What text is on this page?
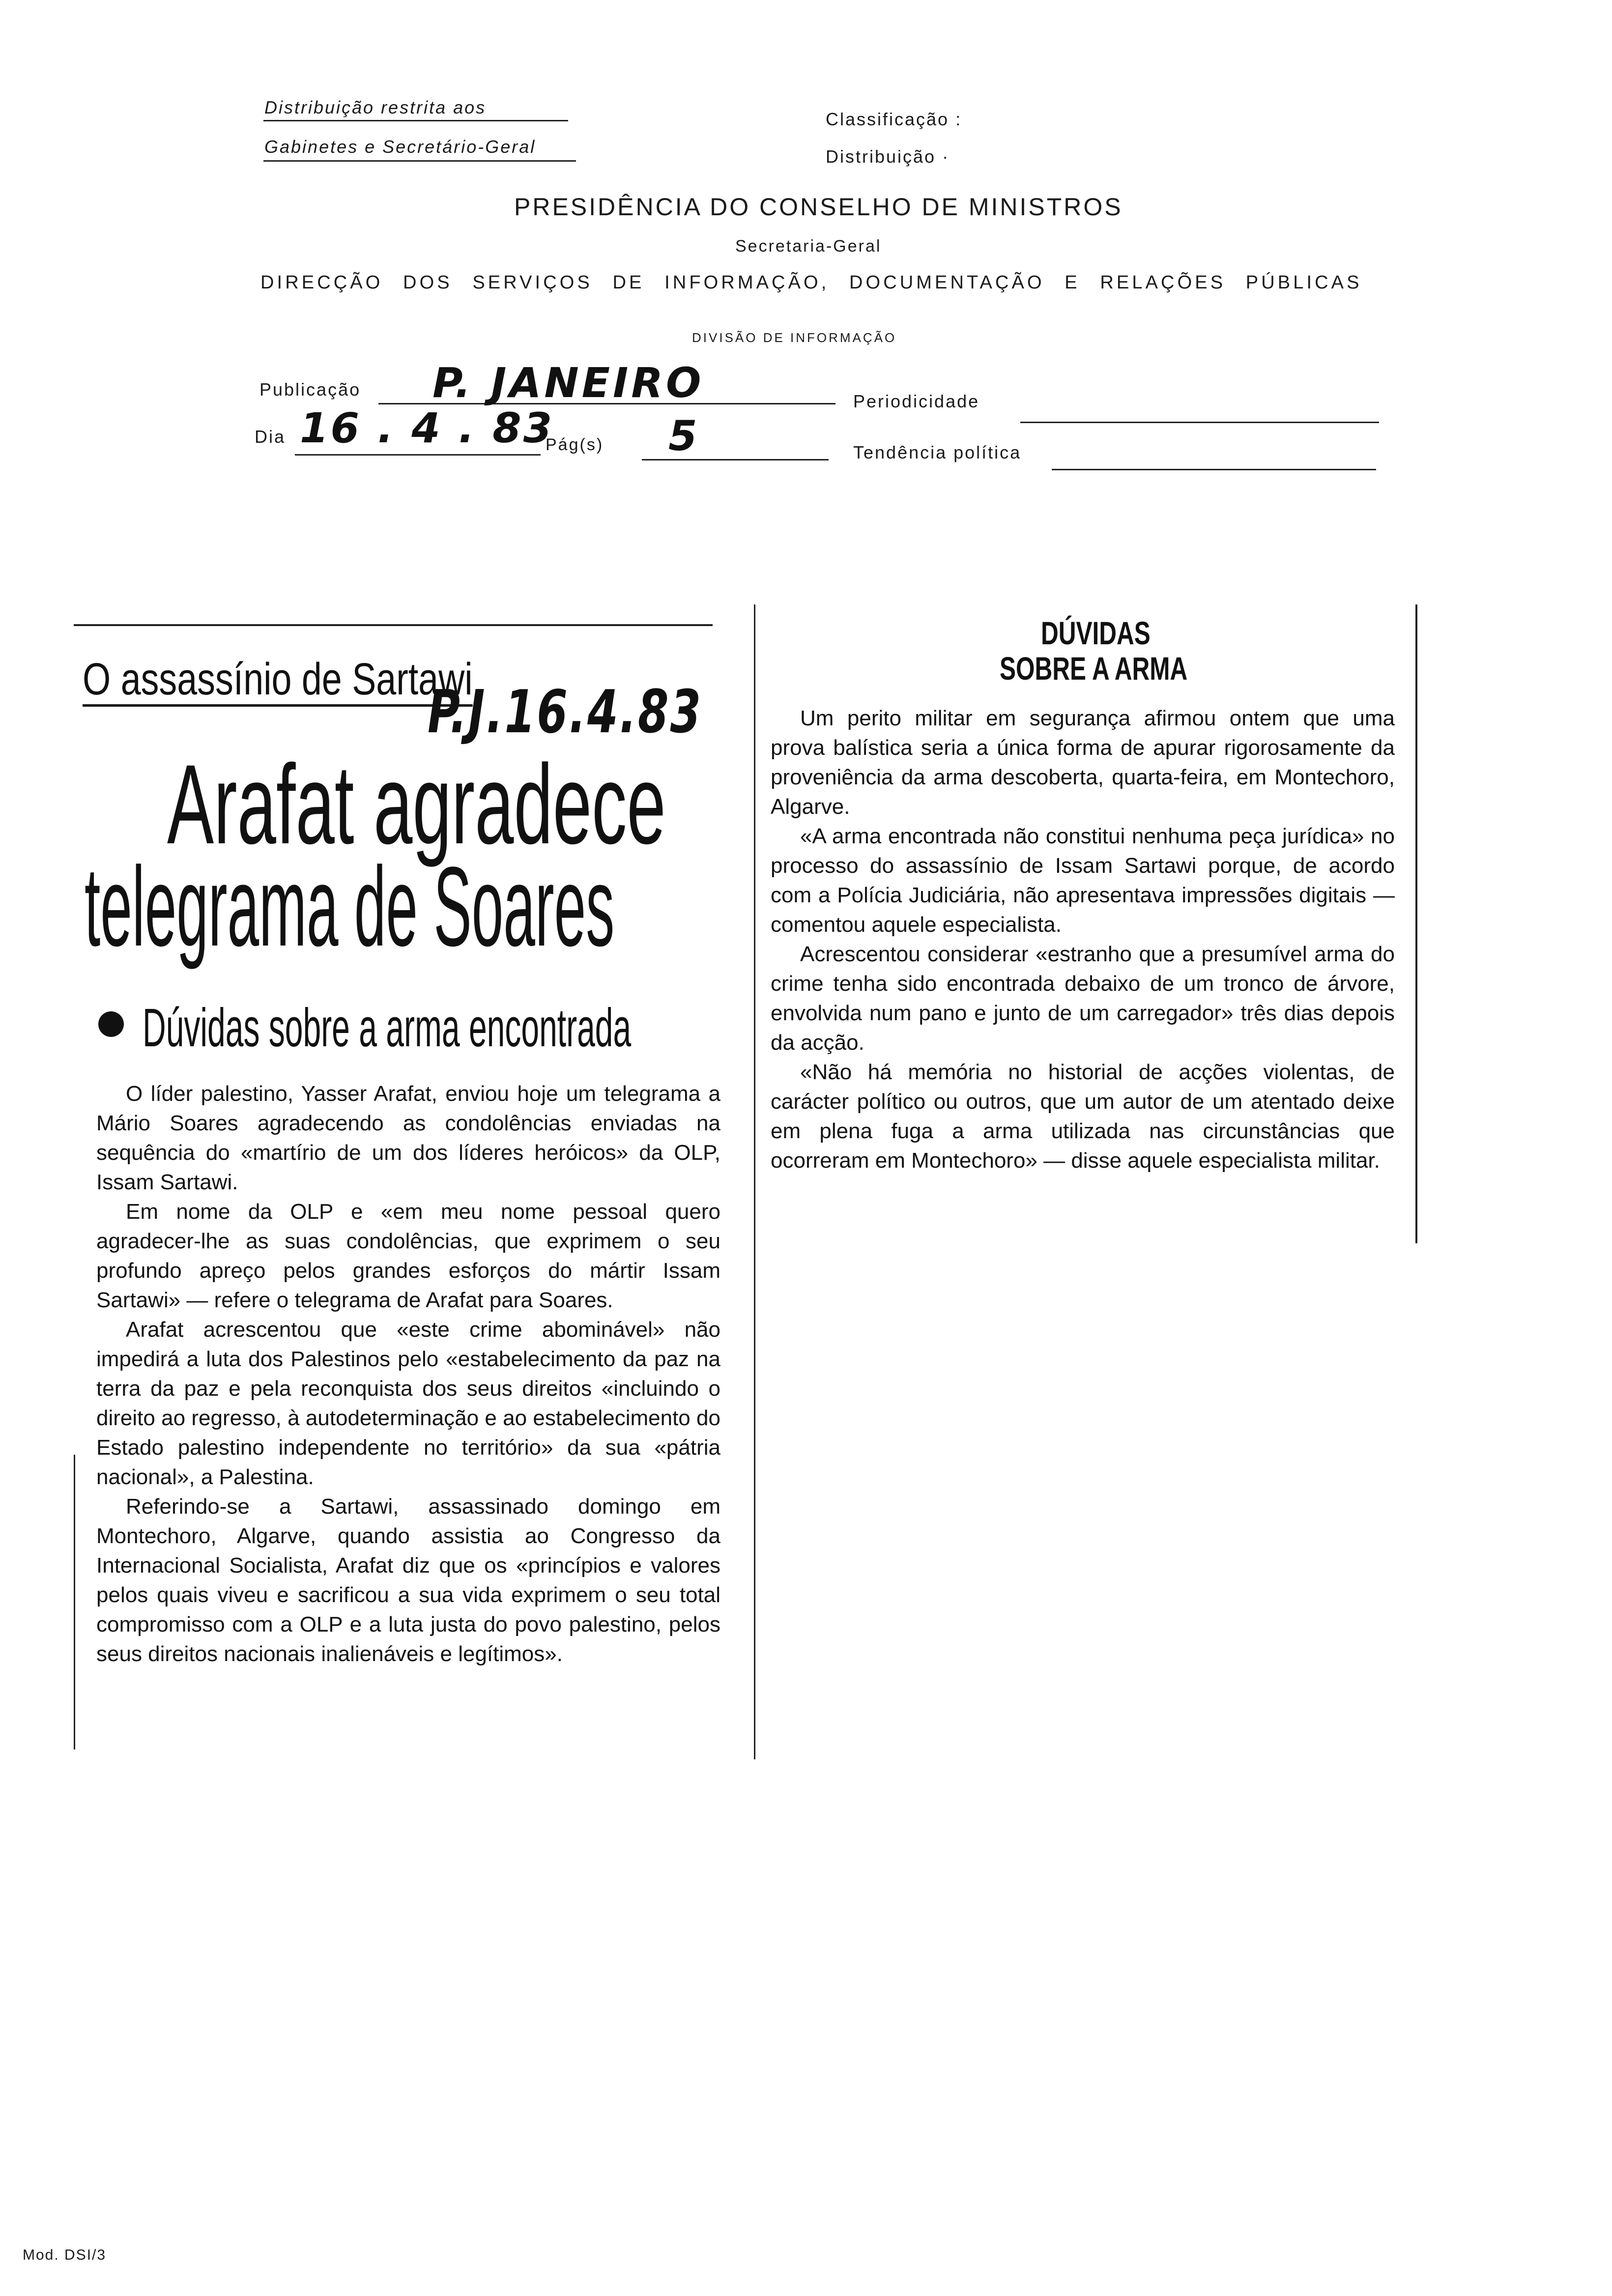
Distribuição restrita aos
Gabinetes e Secretário-Geral
Classificação :
Distribuição ·
PRESIDÊNCIA DO CONSELHO DE MINISTROS
Secretaria-Geral
DIRECÇÃO DOS SERVIÇOS DE INFORMAÇÃO, DOCUMENTAÇÃO E RELAÇÕES PÚBLICAS
DIVISÃO DE INFORMAÇÃO
Publicação P. JANEIRO	Periodicidade
Dia 16 . 4 . 83
Pág(s) 5	Tendência política
O assassínio de Sartawi
P.J.16.4.83
Arafat agradece
telegrama de Soares
Dúvidas sobre a arma encontrada

O líder palestino, Yasser Arafat, enviou hoje um telegrama a Mário Soares agradecendo as condolências enviadas na sequência do «martírio de um dos líderes heróicos» da OLP, Issam Sartawi.

Em nome da OLP e «em meu nome pessoal quero agradecer-lhe as suas condolências, que exprimem o seu profundo apreço pelos grandes esforços do mártir Issam Sartawi» — refere o telegrama de Arafat para Soares.

Arafat acrescentou que «este crime abominável» não impedirá a luta dos Palestinos pelo «estabelecimento da paz na terra da paz e pela reconquista dos seus direitos «incluindo o direito ao regresso, à autodeterminação e ao estabelecimento do Estado palestino independente no território» da sua «pátria nacional», a Palestina.

Referindo-se a Sartawi, assassinado domingo em Montechoro, Algarve, quando assistia ao Congresso da Internacional Socialista, Arafat diz que os «princípios e valores pelos quais viveu e sacrificou a sua vida exprimem o seu total compromisso com a OLP e a luta justa do povo palestino, pelos seus direitos nacionais inalienáveis e legítimos».

DÚVIDAS
SOBRE A ARMA

Um perito militar em segurança afirmou ontem que uma prova balística seria a única forma de apurar rigorosamente da proveniência da arma descoberta, quarta-feira, em Montechoro, Algarve.

«A arma encontrada não constitui nenhuma peça jurídica» no processo do assassínio de Issam Sartawi porque, de acordo com a Polícia Judiciária, não apresentava impressões digitais — comentou aquele especialista.

Acrescentou considerar «estranho que a presumível arma do crime tenha sido encontrada debaixo de um tronco de árvore, envolvida num pano e junto de um carregador» três dias depois da acção.

«Não há memória no historial de acções violentas, de carácter político ou outros, que um autor de um atentado deixe em plena fuga a arma utilizada nas circunstâncias que ocorreram em Montechoro» — disse aquele especialista militar.

Mod. DSI/3
